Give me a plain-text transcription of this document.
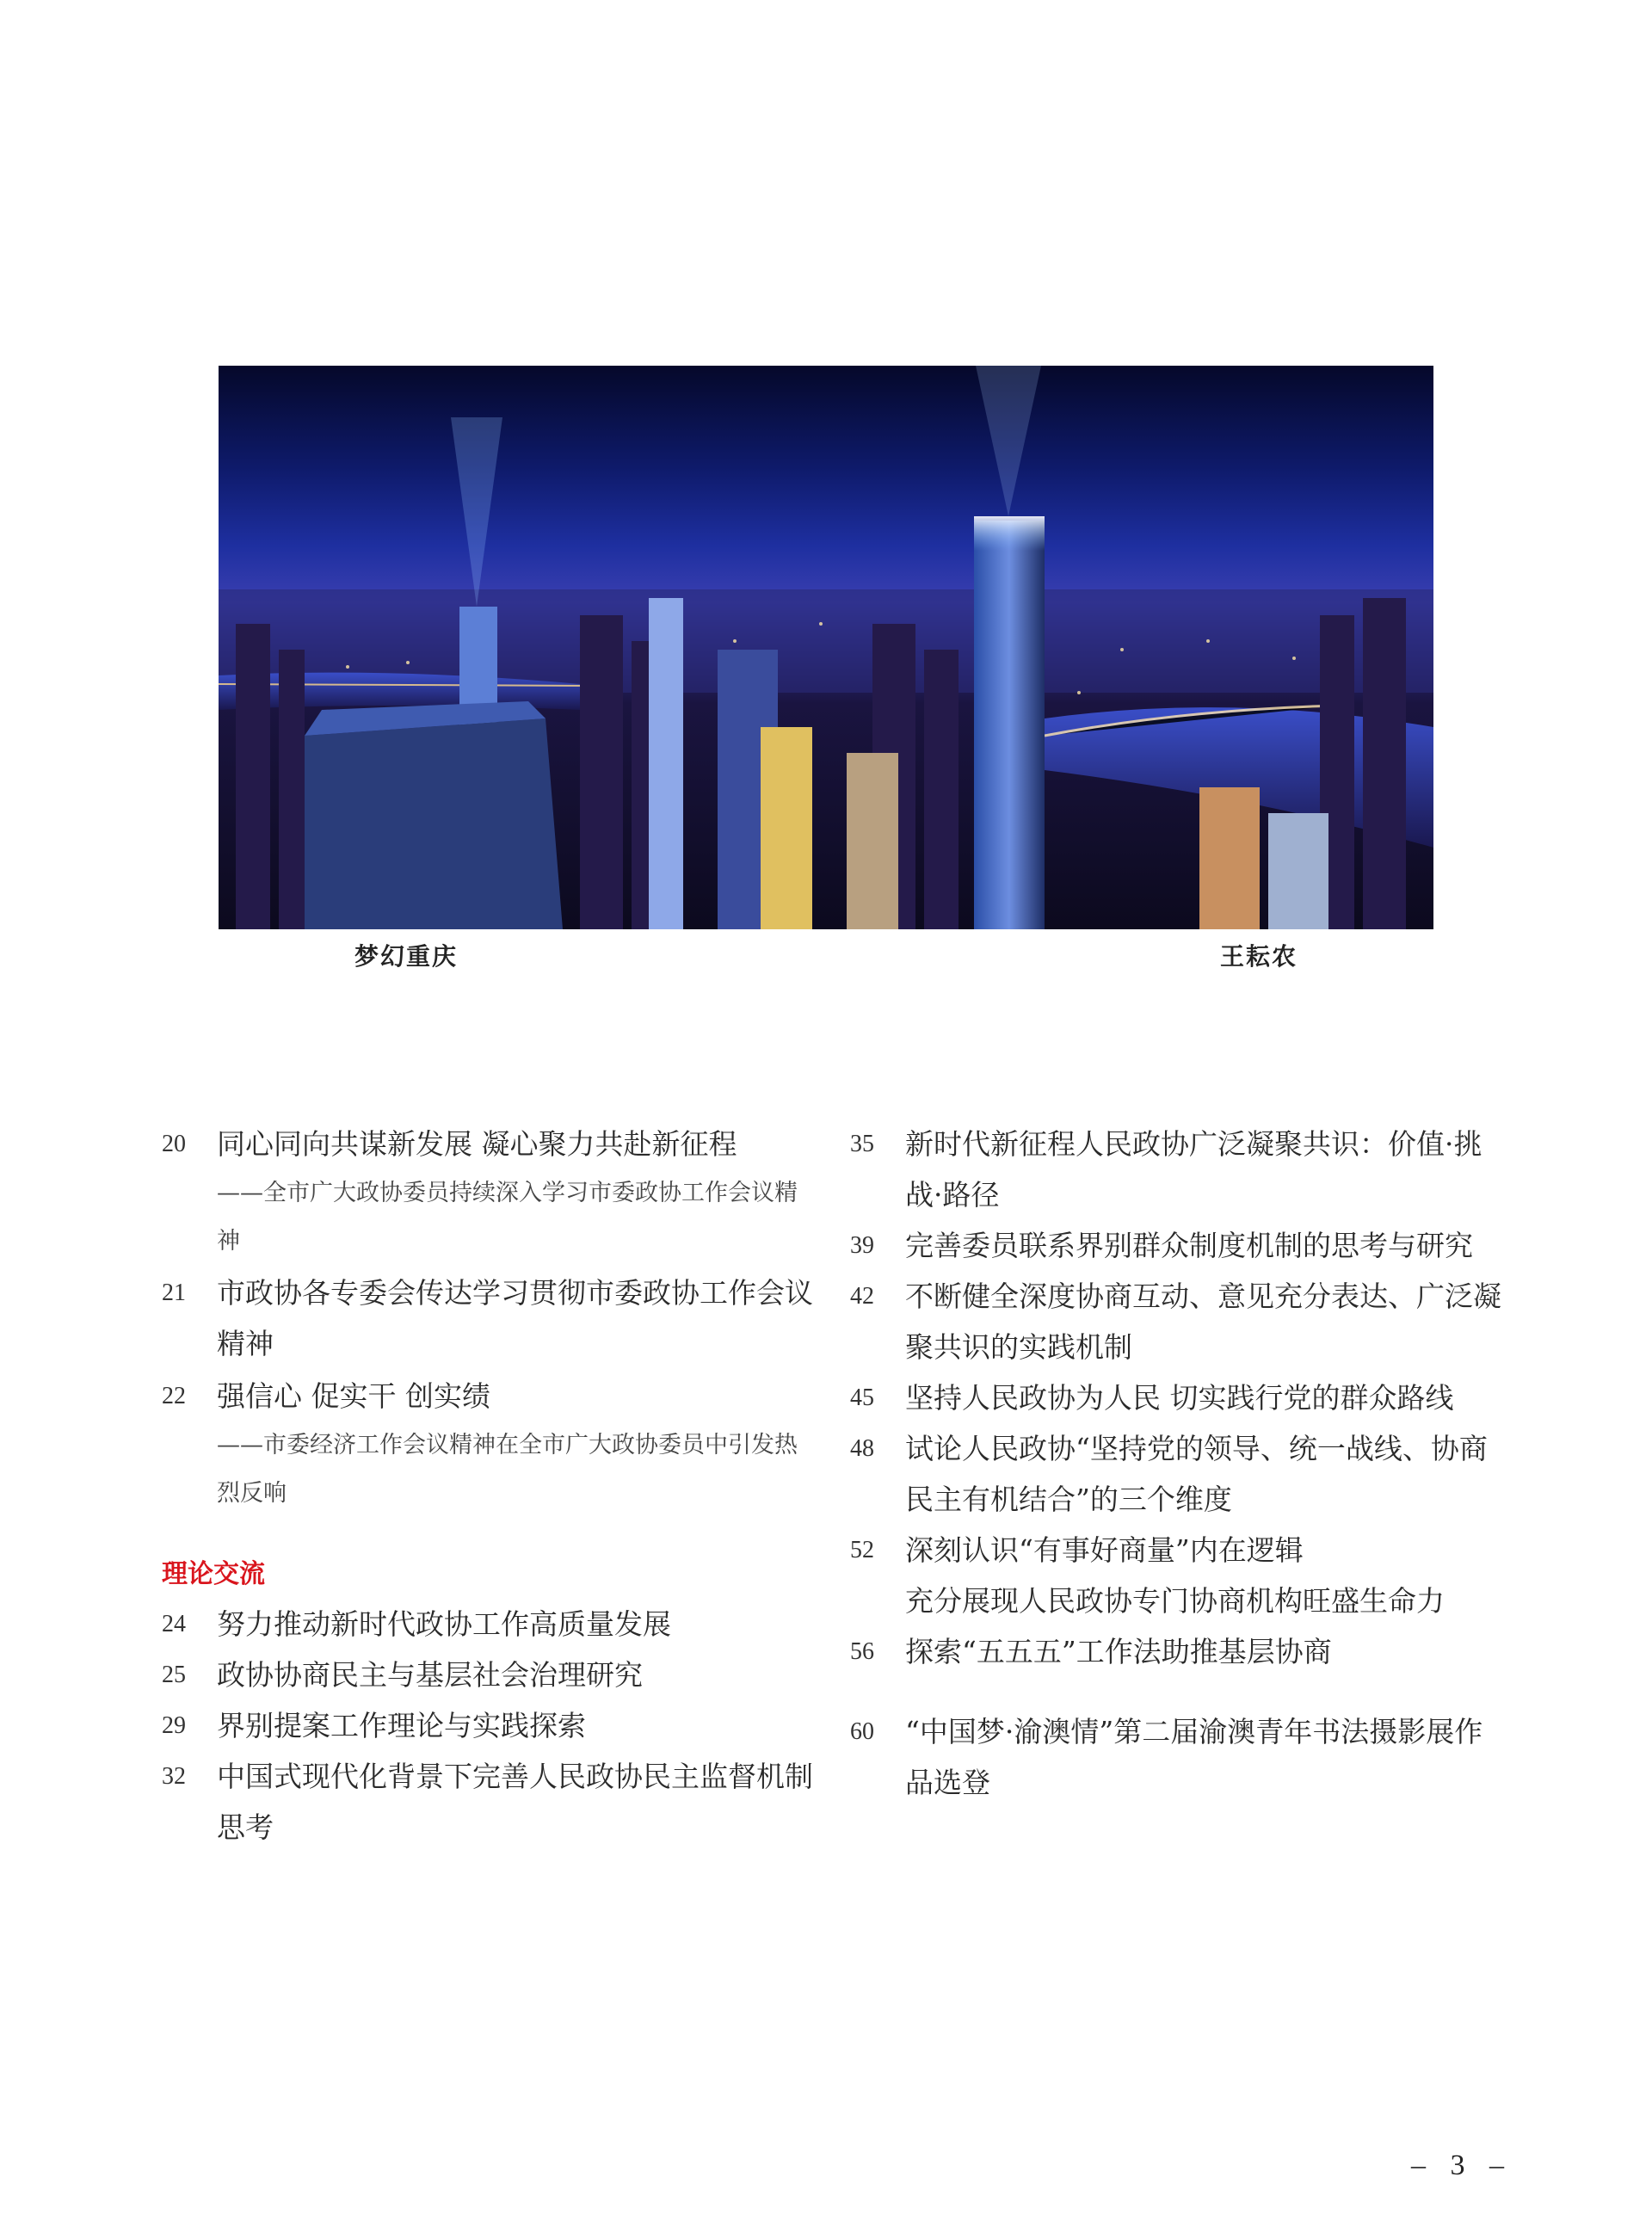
梦幻重庆	王耘农
20	同心同向共谋新发展 凝心聚力共赴新征程
——全市广大政协委员持续深入学习市委政协工作会议精神
21	市政协各专委会传达学习贯彻市委政协工作会议精神
22	强信心 促实干 创实绩
——市委经济工作会议精神在全市广大政协委员中引发热烈反响
理论交流
24	努力推动新时代政协工作高质量发展
25	政协协商民主与基层社会治理研究
29	界别提案工作理论与实践探索
32	中国式现代化背景下完善人民政协民主监督机制思考
35	新时代新征程人民政协广泛凝聚共识：价值·挑战·路径
39	完善委员联系界别群众制度机制的思考与研究
42	不断健全深度协商互动、意见充分表达、广泛凝聚共识的实践机制
45	坚持人民政协为人民 切实践行党的群众路线
48	试论人民政协“坚持党的领导、统一战线、协商民主有机结合”的三个维度
52	深刻认识“有事好商量”内在逻辑
充分展现人民政协专门协商机构旺盛生命力
56	探索“五五五”工作法助推基层协商
60	“中国梦·渝澳情”第二届渝澳青年书法摄影展作品选登
– 3 –
